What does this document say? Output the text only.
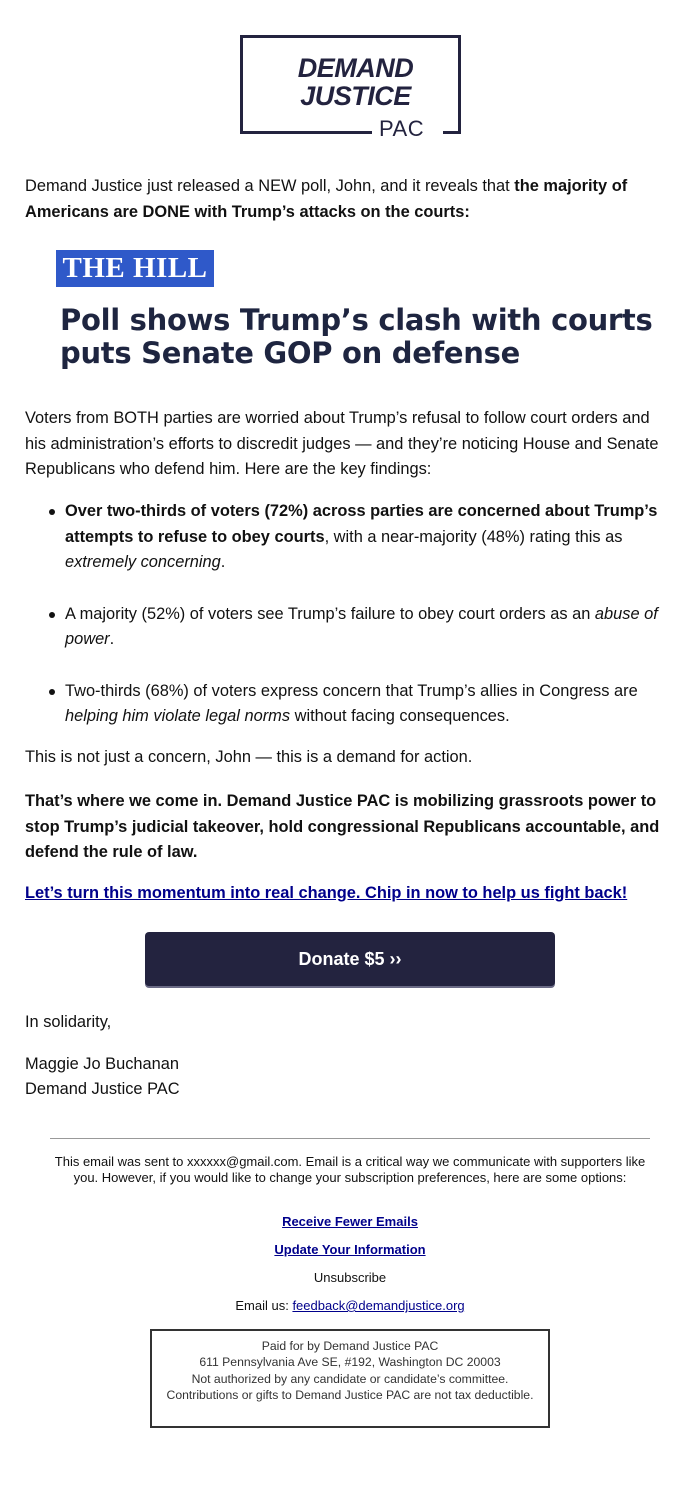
DEMAND
JUSTICE
PAC

Demand Justice just released a NEW poll, John, and it reveals that the majority of Americans are DONE with Trump’s attacks on the courts:

THE HILL
Poll shows Trump’s clash with courts puts Senate GOP on defense

Voters from BOTH parties are worried about Trump’s refusal to follow court orders and his administration’s efforts to discredit judges — and they’re noticing House and Senate Republicans who defend him. Here are the key findings:

Over two-thirds of voters (72%) across parties are concerned about Trump’s attempts to refuse to obey courts, with a near-majority (48%) rating this as extremely concerning.
A majority (52%) of voters see Trump’s failure to obey court orders as an abuse of power.
Two-thirds (68%) of voters express concern that Trump’s allies in Congress are helping him violate legal norms without facing consequences.

This is not just a concern, John — this is a demand for action.

That’s where we come in. Demand Justice PAC is mobilizing grassroots power to stop Trump’s judicial takeover, hold congressional Republicans accountable, and defend the rule of law.

Let’s turn this momentum into real change. Chip in now to help us fight back!

Donate $5 ››

In solidarity,

Maggie Jo Buchanan

Demand Justice PAC

This email was sent to xxxxxx@gmail.com. Email is a critical way we communicate with supporters like you. However, if you would like to change your subscription preferences, here are some options:

Receive Fewer Emails

Update Your Information

Unsubscribe

Email us: feedback@demandjustice.org

Paid for by Demand Justice PAC
611 Pennsylvania Ave SE, #192, Washington DC 20003
Not authorized by any candidate or candidate’s committee.
Contributions or gifts to Demand Justice PAC are not tax deductible.
